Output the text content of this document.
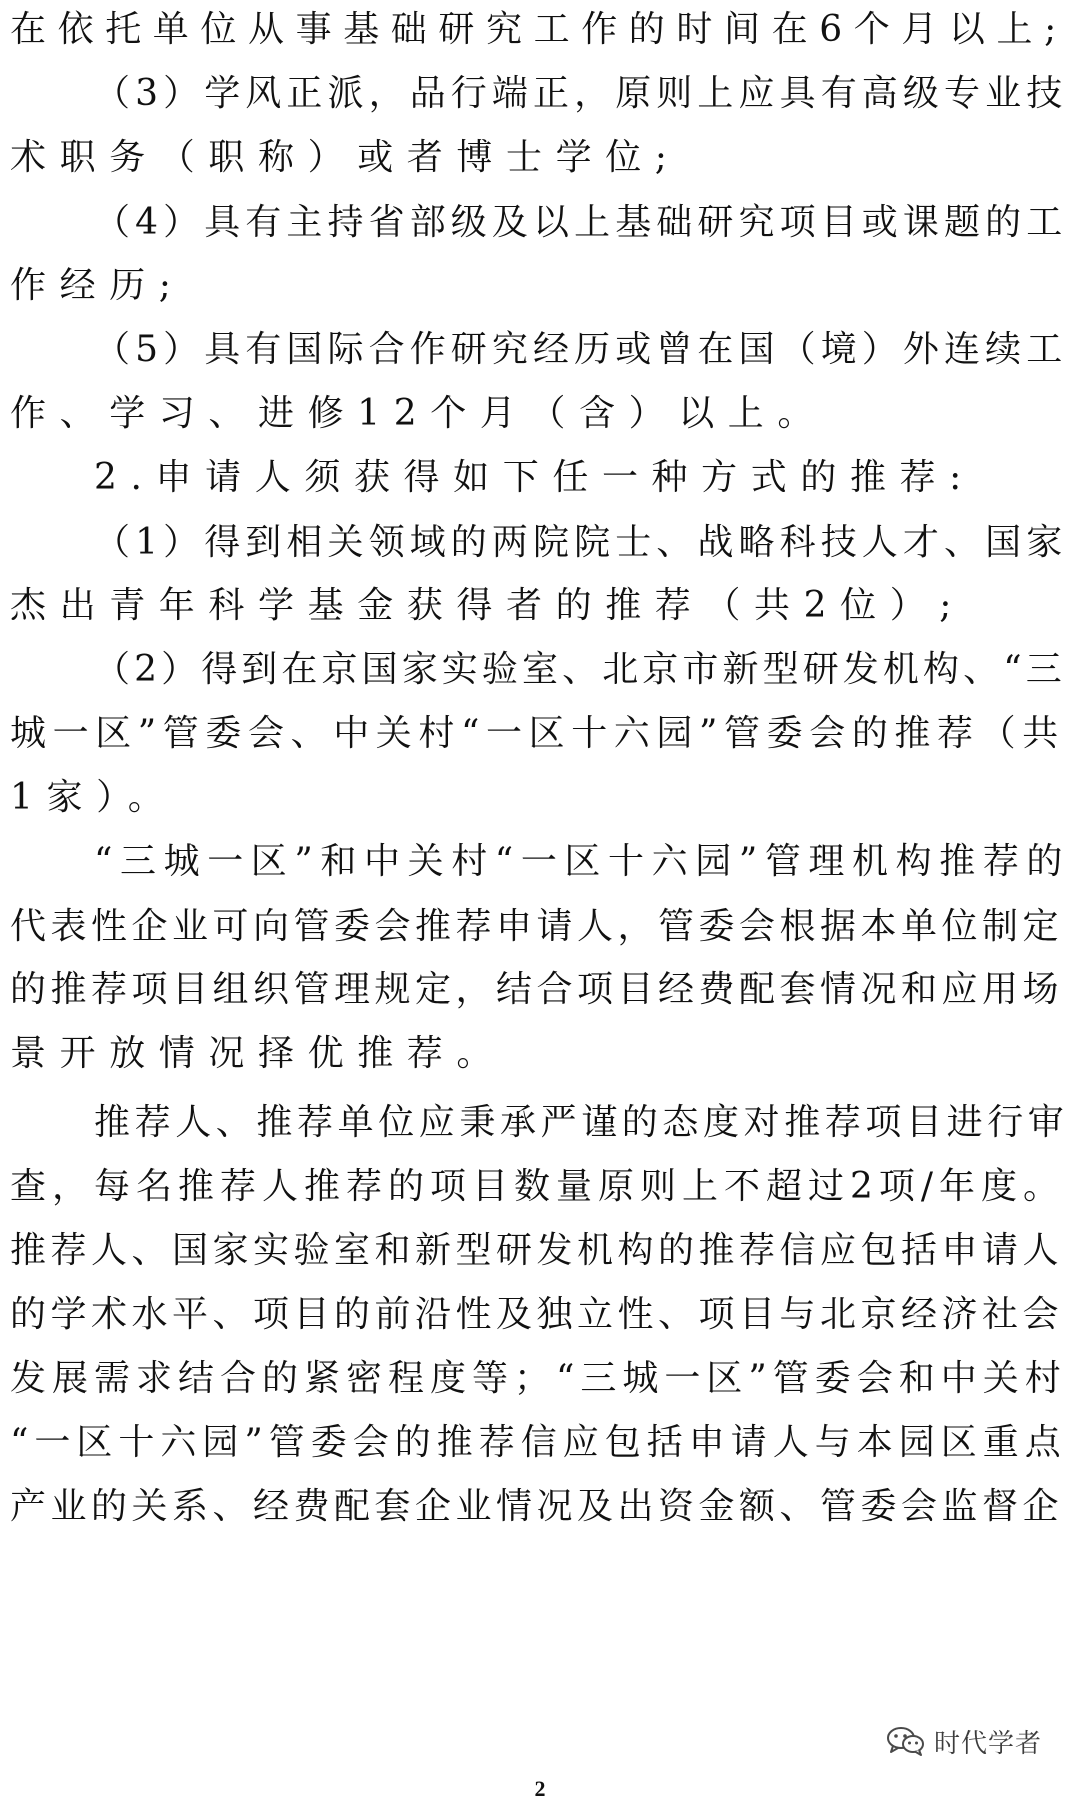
在依托单位从事基础研究工作的时间在6个月以上;
（3）学风正派，品行端正，原则上应具有高级专业技
术职务（职称）或者博士学位;
（4）具有主持省部级及以上基础研究项目或课题的工
作经历;
（5）具有国际合作研究经历或曾在国（境）外连续工
作、学习、进修12个月（含）以上。
2.申请人须获得如下任一种方式的推荐:
（1）得到相关领域的两院院士、战略科技人才、国家
杰出青年科学基金获得者的推荐（共2位）;
（2）得到在京国家实验室、北京市新型研发机构、“三
城一区”管委会、中关村“一区十六园”管委会的推荐（共
1家）。
“三城一区”和中关村“一区十六园”管理机构推荐的
代表性企业可向管委会推荐申请人，管委会根据本单位制定
的推荐项目组织管理规定，结合项目经费配套情况和应用场
景开放情况择优推荐。
推荐人、推荐单位应秉承严谨的态度对推荐项目进行审
查，每名推荐人推荐的项目数量原则上不超过2项/年度。
推荐人、国家实验室和新型研发机构的推荐信应包括申请人
的学术水平、项目的前沿性及独立性、项目与北京经济社会
发展需求结合的紧密程度等；“三城一区”管委会和中关村
“一区十六园”管委会的推荐信应包括申请人与本园区重点
产业的关系、经费配套企业情况及出资金额、管委会监督企
时代学者
2
